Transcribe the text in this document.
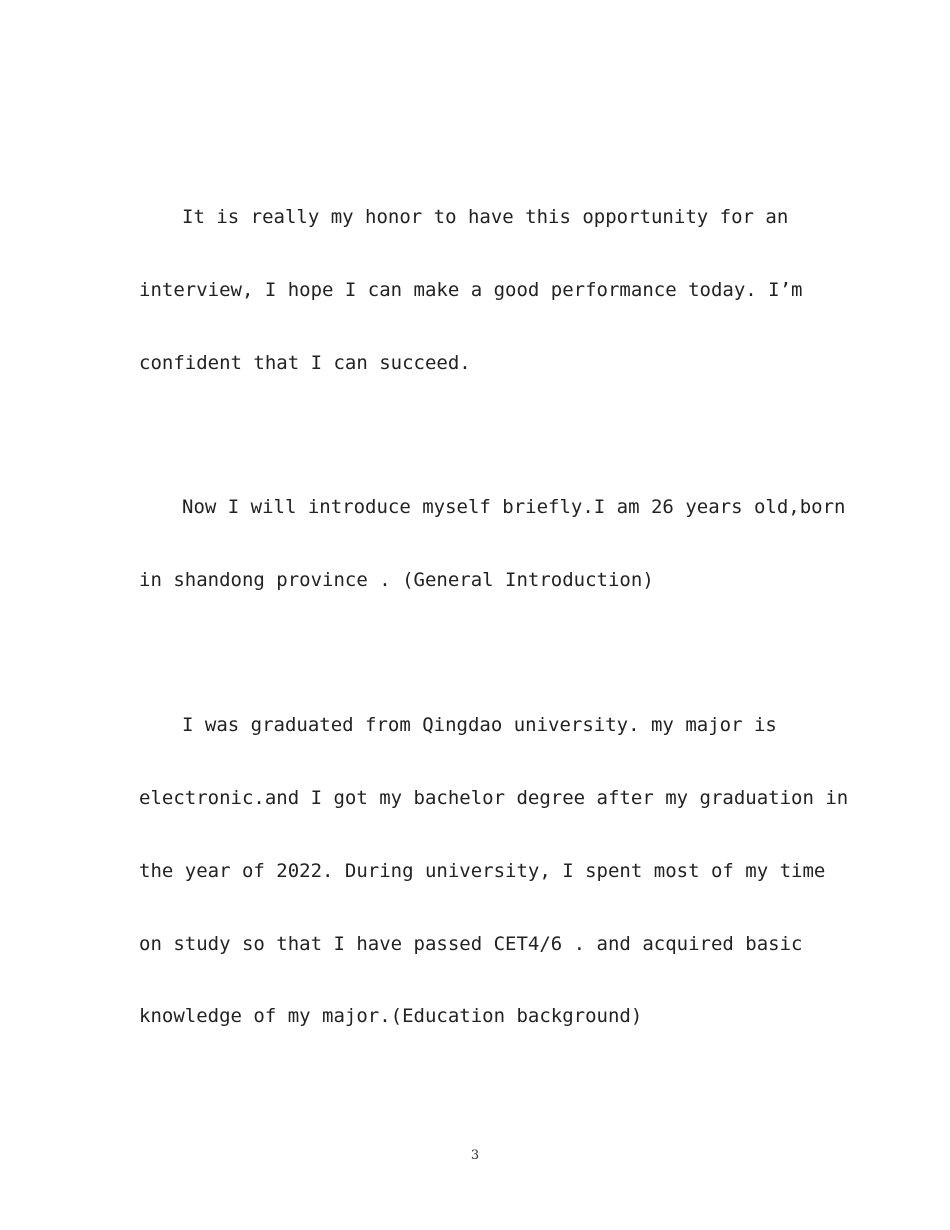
It is really my honor to have this opportunity for an

interview, I hope I can make a good performance today. I’m

confident that I can succeed.

Now I will introduce myself briefly.I am 26 years old,born

in shandong province . (General Introduction)

I was graduated from Qingdao university. my major is

electronic.and I got my bachelor degree after my graduation in

the year of 2022. During university, I spent most of my time

on study so that I have passed CET4/6 . and acquired basic

knowledge of my major.(Education background)

3
